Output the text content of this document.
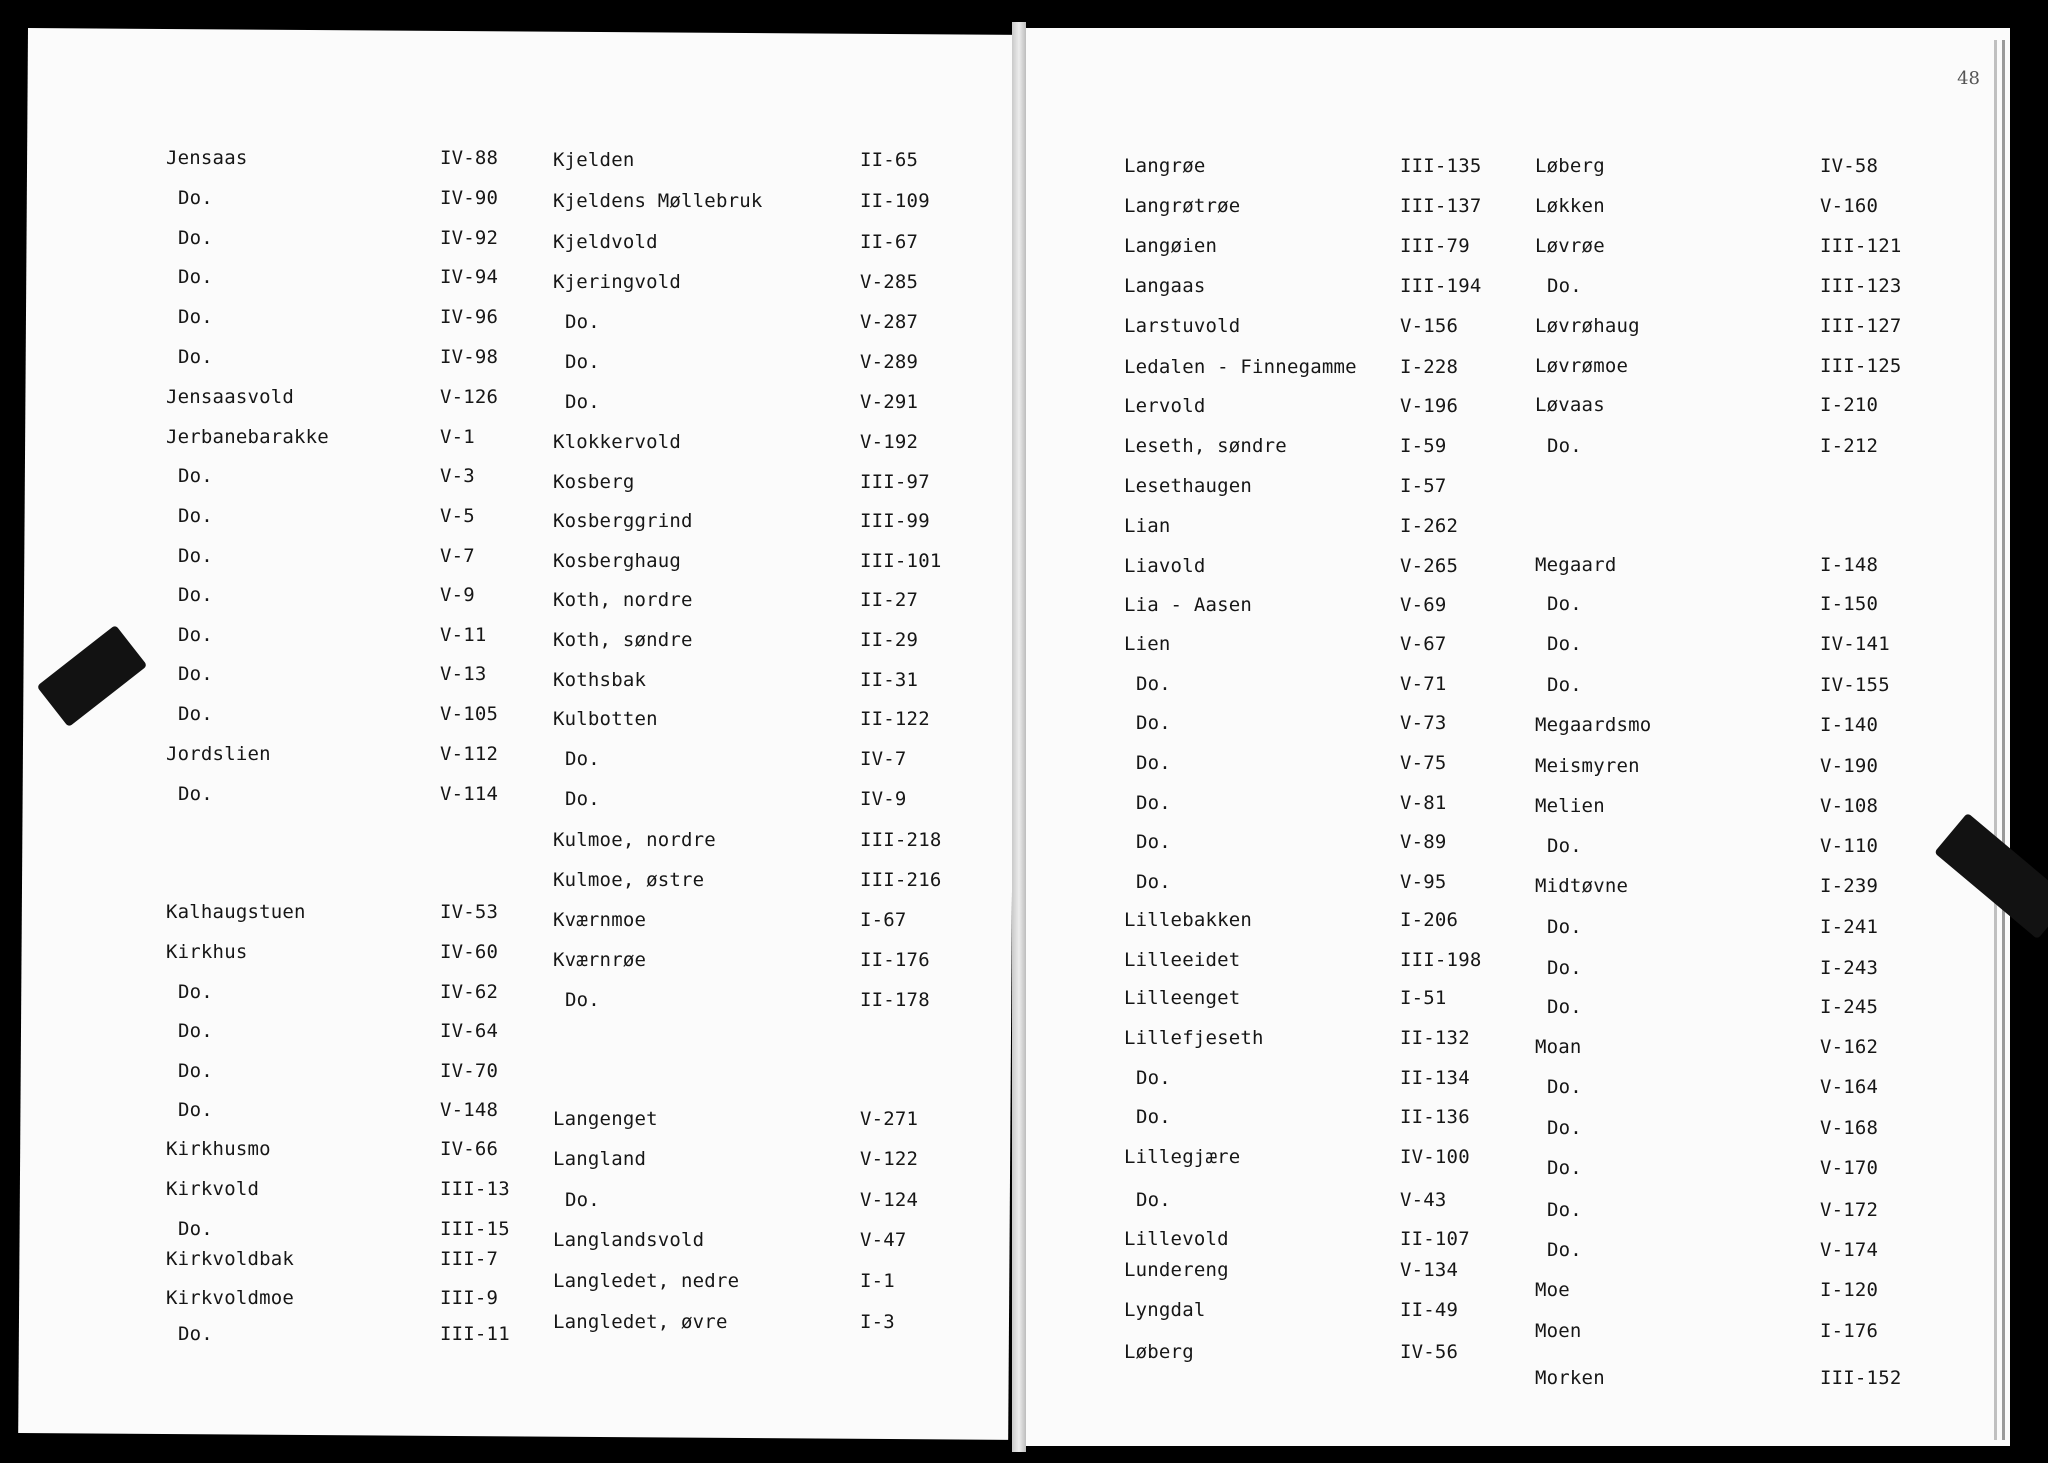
48
Jensaas	IV-88
Do.	IV-90
Do.	IV-92
Do.	IV-94
Do.	IV-96
Do.	IV-98
Jensaasvold	V-126
Jerbanebarakke	V-1
Do.	V-3
Do.	V-5
Do.	V-7
Do.	V-9
Do.	V-11
Do.	V-13
Do.	V-105
Jordslien	V-112
Do.	V-114
Kalhaugstuen	IV-53
Kirkhus	IV-60
Do.	IV-62
Do.	IV-64
Do.	IV-70
Do.	V-148
Kirkhusmo	IV-66
Kirkvold	III-13
Do.	III-15
Kirkvoldbak	III-7
Kirkvoldmoe	III-9
Do.	III-11
Kjelden	II-65
Kjeldens Møllebruk	II-109
Kjeldvold	II-67
Kjeringvold	V-285
Do.	V-287
Do.	V-289
Do.	V-291
Klokkervold	V-192
Kosberg	III-97
Kosberggrind	III-99
Kosberghaug	III-101
Koth, nordre	II-27
Koth, søndre	II-29
Kothsbak	II-31
Kulbotten	II-122
Do.	IV-7
Do.	IV-9
Kulmoe, nordre	III-218
Kulmoe, østre	III-216
Kværnmoe	I-67
Kværnrøe	II-176
Do.	II-178
Langenget	V-271
Langland	V-122
Do.	V-124
Langlandsvold	V-47
Langledet, nedre	I-1
Langledet, øvre	I-3
Langrøe	III-135
Langrøtrøe	III-137
Langøien	III-79
Langaas	III-194
Larstuvold	V-156
Ledalen - Finnegamme I-228
Lervold	V-196
Leseth, søndre	I-59
Lesethaugen	I-57
Lian	I-262
Liavold	V-265
Lia - Aasen	V-69
Lien	V-67
Do.	V-71
Do.	V-73
Do.	V-75
Do.	V-81
Do.	V-89
Do.	V-95
Lillebakken	I-206
Lilleeidet	III-198
Lilleenget	I-51
Lillefjeseth	II-132
Do.	II-134
Do.	II-136
Lillegjære	IV-100
Do.	V-43
Lillevold	II-107
Lundereng	V-134
Lyngdal	II-49
Løberg	IV-56
Løberg	IV-58
Løkken	V-160
Løvrøe	III-121
Do.	III-123
Løvrøhaug	III-127
Løvrømoe	III-125
Løvaas	I-210
Do.	I-212
Megaard	I-148
Do.	I-150
Do.	IV-141
Do.	IV-155
Megaardsmo	I-140
Meismyren	V-190
Melien	V-108
Do.	V-110
Midtøvne	I-239
Do.	I-241
Do.	I-243
Do.	I-245
Moan	V-162
Do.	V-164
Do.	V-168
Do.	V-170
Do.	V-172
Do.	V-174
Moe	I-120
Moen	I-176
Morken	III-152
